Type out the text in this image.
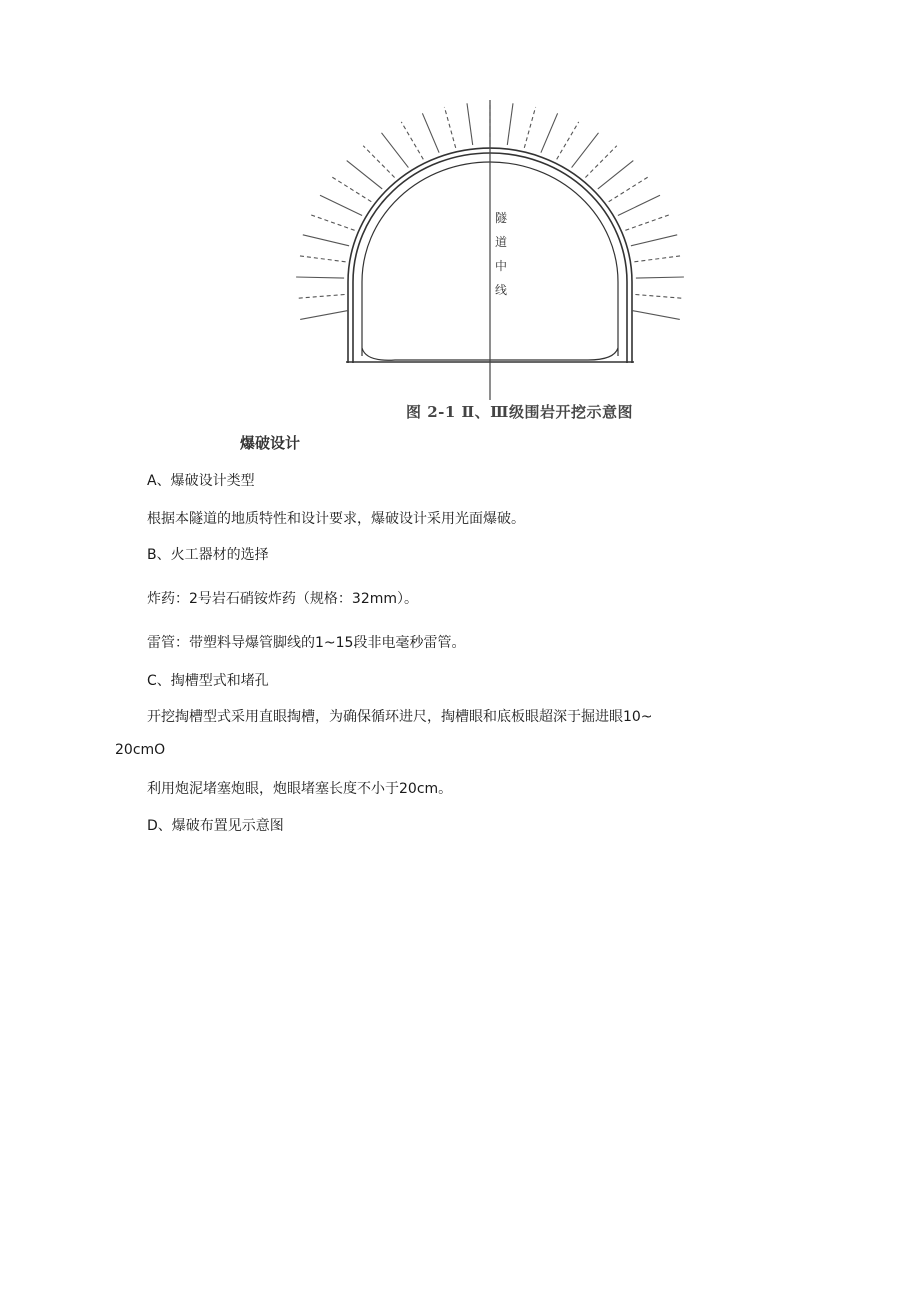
隧
道
中
线
图 2-1 Ⅱ、Ⅲ级围岩开挖示意图
爆破设计
A、爆破设计类型
根据本隧道的地质特性和设计要求，爆破设计采用光面爆破。
B、火工器材的选择
炸药：2号岩石硝铵炸药（规格：32mm）。
雷管：带塑料导爆管脚线的1~15段非电毫秒雷管。
C、掏槽型式和堵孔
开挖掏槽型式采用直眼掏槽，为确保循环进尺，掏槽眼和底板眼超深于掘进眼10~
20cmO
利用炮泥堵塞炮眼，炮眼堵塞长度不小于20cm。
D、爆破布置见示意图
